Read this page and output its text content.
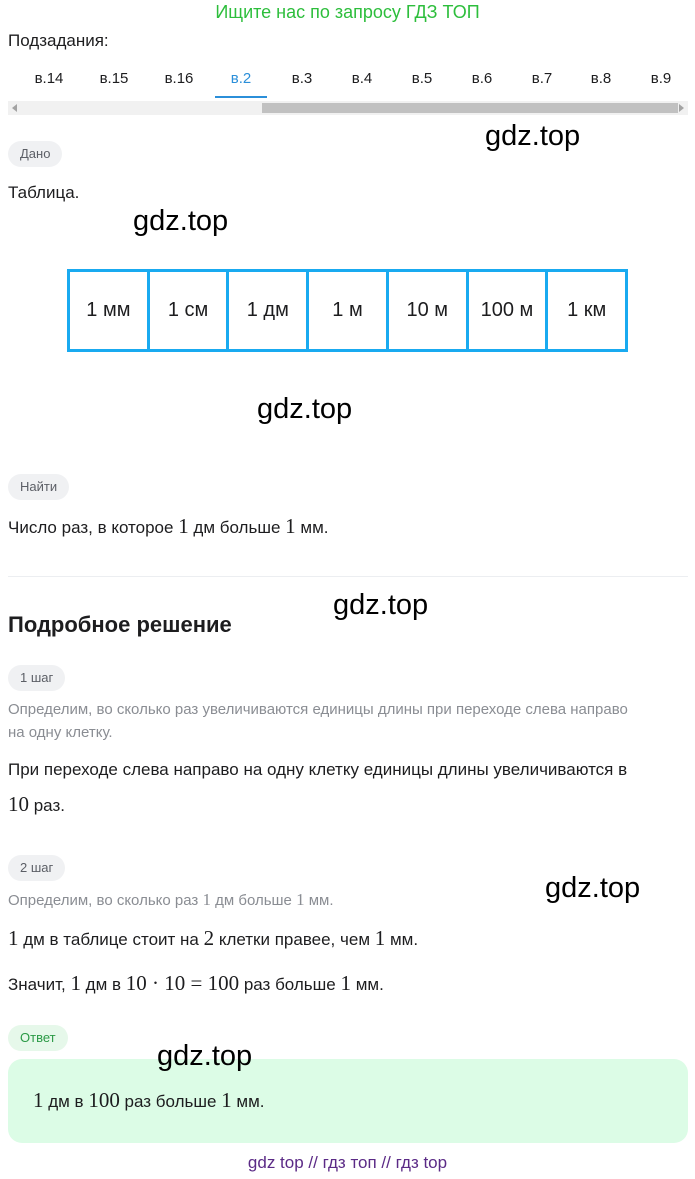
Ищите нас по запросу ГДЗ ТОП
Подзадания:
в.14	в.15	в.16	в.2	в.3	в.4	в.5	в.6	в.7	в.8	в.9
Дано
Таблица.
1 мм	1 см	1 дм	1 м	10 м	100 м	1 км
Найти
Число раз, в которое 1 дм больше 1 мм.
Подробное решение
1 шаг
Определим, во сколько раз увеличиваются единицы длины при переходе слева направо
на одну клетку.
При переходе слева направо на одну клетку единицы длины увеличиваются в
10 раз.
2 шаг
Определим, во сколько раз 1 дм больше 1 мм.
1 дм в таблице стоит на 2 клетки правее, чем 1 мм.
Значит, 1 дм в 10 · 10 = 100 раз больше 1 мм.
Ответ
1 дм в 100 раз больше 1 мм.
gdz.top
gdz.top
gdz.top
gdz.top
gdz.top
gdz.top
gdz top // гдз топ // гдз top
